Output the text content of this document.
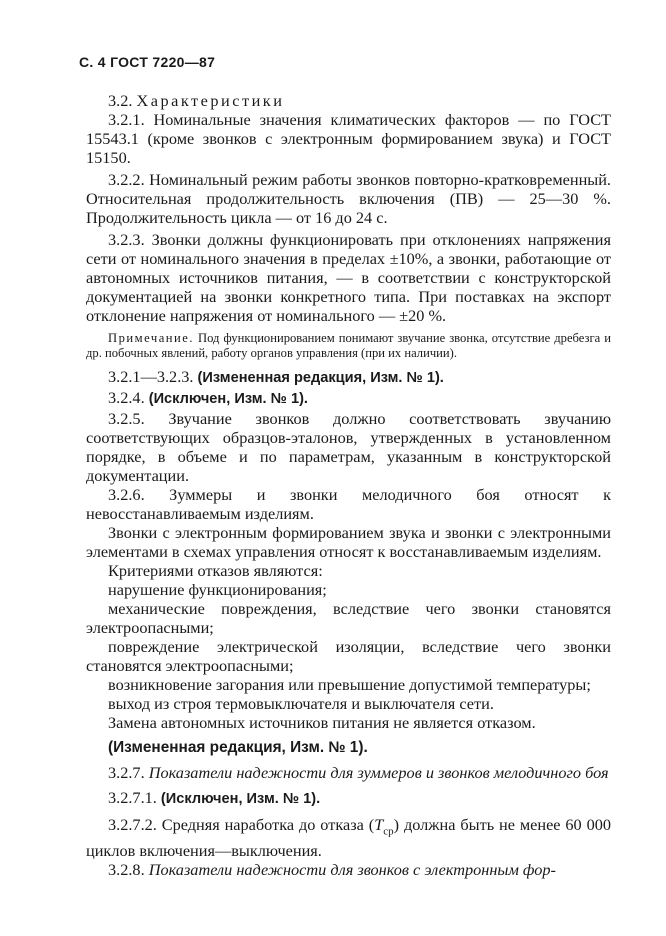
С. 4 ГОСТ 7220—87

3.2. Характеристики

3.2.1. Номинальные значения климатических факторов — по ГОСТ 15543.1 (кроме звонков с электронным формированием звука) и ГОСТ 15150.

3.2.2. Номинальный режим работы звонков повторно-кратковременный. Относительная продолжительность включения (ПВ) — 25—30 %. Продолжительность цикла — от 16 до 24 с.

3.2.3. Звонки должны функционировать при отклонениях напряжения сети от номинального значения в пределах ±10%, а звонки, работающие от автономных источников питания, — в соответствии с конструкторской документацией на звонки конкретного типа. При поставках на экспорт отклонение напряжения от номинального — ±20 %.

Примечание. Под функционированием понимают звучание звонка, отсутствие дребезга и др. побочных явлений, работу органов управления (при их наличии).

3.2.1—3.2.3. (Измененная редакция, Изм. № 1).

3.2.4. (Исключен, Изм. № 1).

3.2.5. Звучание звонков должно соответствовать звучанию соответствующих образцов-эталонов, утвержденных в установленном порядке, в объеме и по параметрам, указанным в конструкторской документации.

3.2.6. Зуммеры и звонки мелодичного боя относят к невосстанавливаемым изделиям.

Звонки с электронным формированием звука и звонки с электронными элементами в схемах управления относят к восстанавливаемым изделиям.

Критериями отказов являются:

нарушение функционирования;

механические повреждения, вследствие чего звонки становятся электроопасными;

повреждение электрической изоляции, вследствие чего звонки становятся электроопасными;

возникновение загорания или превышение допустимой температуры;

выход из строя термовыключателя и выключателя сети.

Замена автономных источников питания не является отказом.

(Измененная редакция, Изм. № 1).

3.2.7. Показатели надежности для зуммеров и звонков мелодичного боя

3.2.7.1. (Исключен, Изм. № 1).

3.2.7.2. Средняя наработка до отказа $(T_{ср})$ должна быть не менее 60 000 циклов включения—выключения.

3.2.8. Показатели надежности для звонков с электронным фор-
